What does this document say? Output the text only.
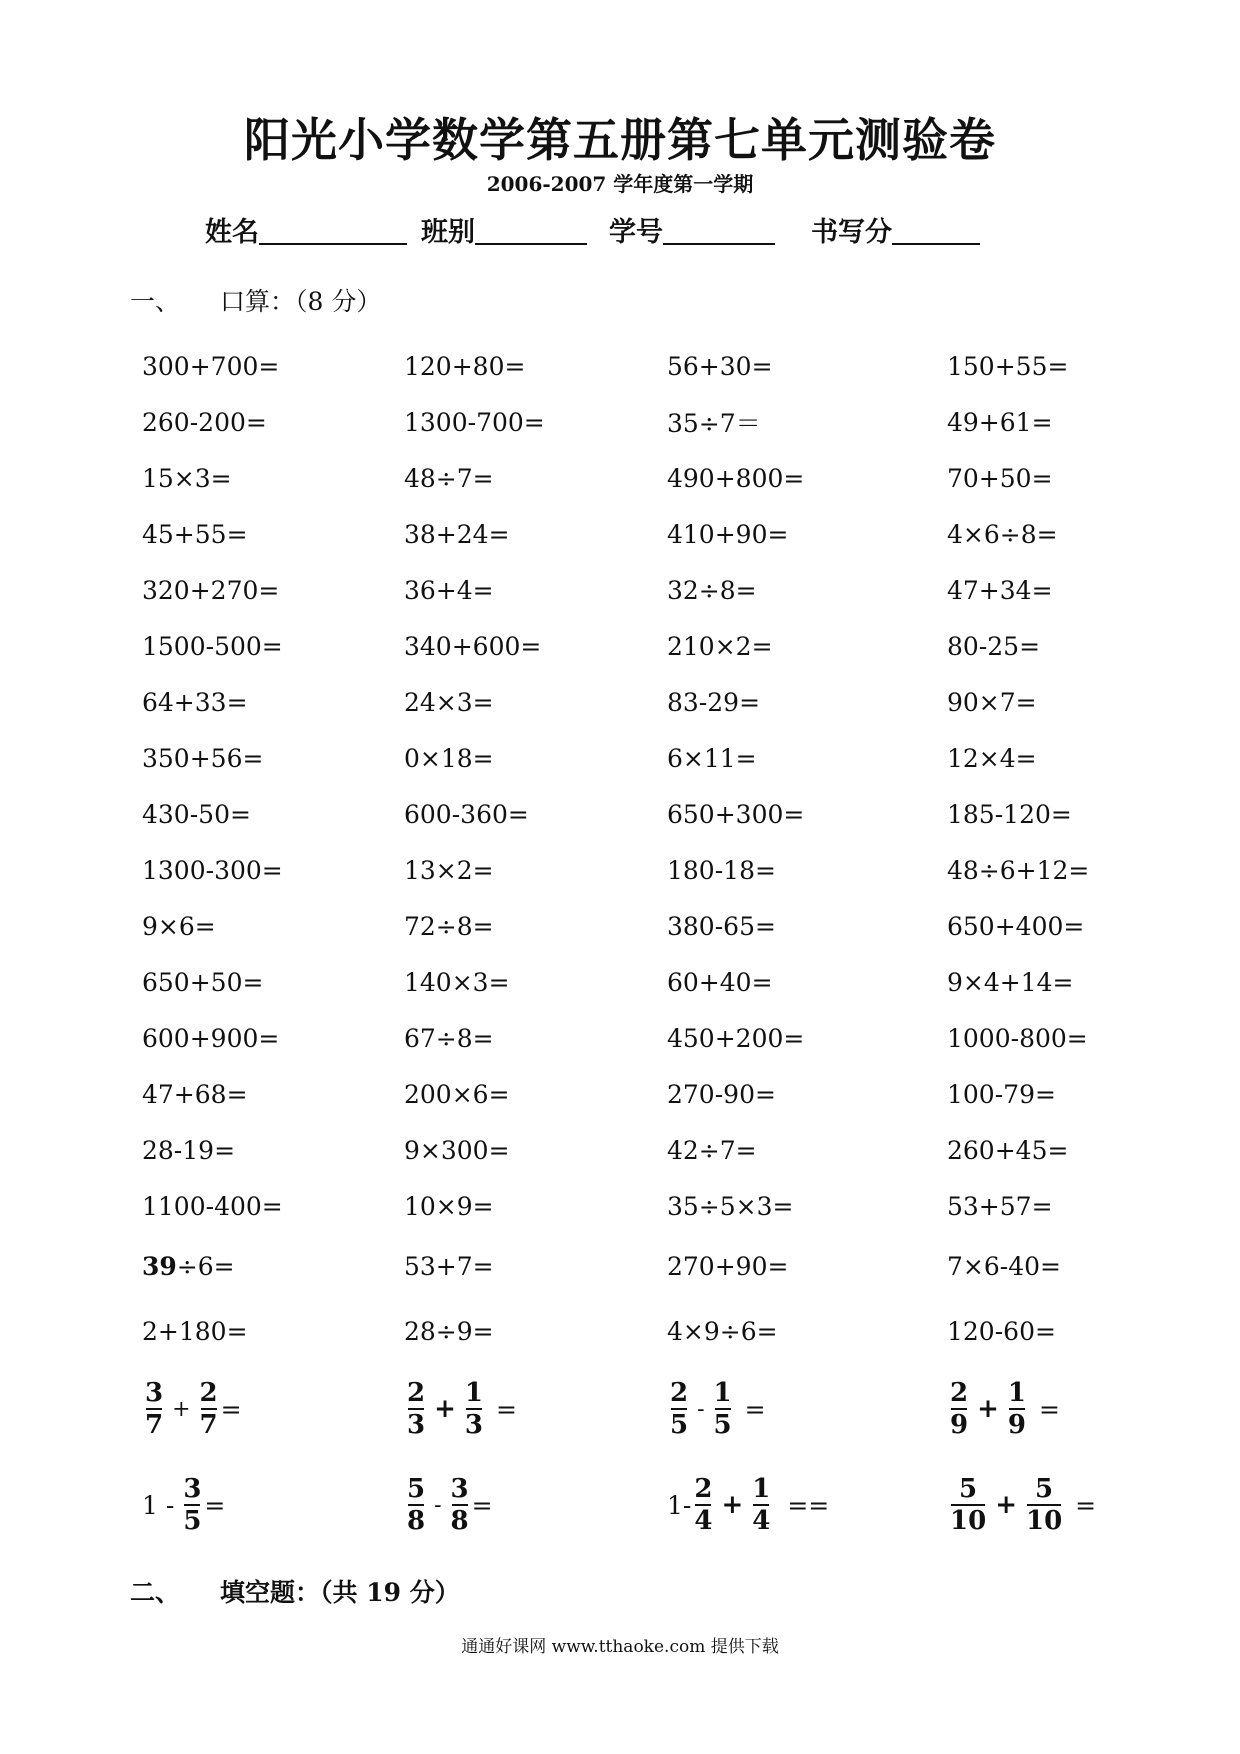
阳光小学数学第五册第七单元测验卷
2006-2007 学年度第一学期
姓名	班别	学号	书写分
一、 口算：（8 分）
300+700=	120+80=	56+30=	150+55=
260-200=	1300-700=	35÷7＝	49+61=
15×3=	48÷7=	490+800=	70+50=
45+55=	38+24=	410+90=	4×6÷8=
320+270=	36+4=	32÷8=	47+34=
1500-500=	340+600=	210×2=	80-25=
64+33=	24×3=	83-29=	90×7=
350+56=	0×18=	6×11=	12×4=
430-50=	600-360=	650+300=	185-120=
1300-300=	13×2=	180-18=	48÷6+12=
9×6=	72÷8=	380-65=	650+400=
650+50=	140×3=	60+40=	9×4+14=
600+900=	67÷8=	450+200=	1000-800=
47+68=	200×6=	270-90=	100-79=
28-19=	9×300=	42÷7=	260+45=
1100-400=	10×9=	35÷5×3=	53+57=
39÷6=	53+7=	270+90=	7×6-40=
2+180=	28÷9=	4×9÷6=	120-60=
$\frac{3}{7} + \frac{2}{7}$ =	$\frac{2}{3} + \frac{1}{3}$ =	$\frac{2}{5} - \frac{1}{5}$ =	$\frac{2}{9} + \frac{1}{9}$ =
$1 - \frac{3}{5}$ =	$\frac{5}{8} - \frac{3}{8}$ =	$1- \frac{2}{4} + \frac{1}{4}$ ==	$\frac{5}{10} + \frac{5}{10}$ =
二、 填空题：（共 19 分）
通通好课网 www.tthaoke.com 提供下载
